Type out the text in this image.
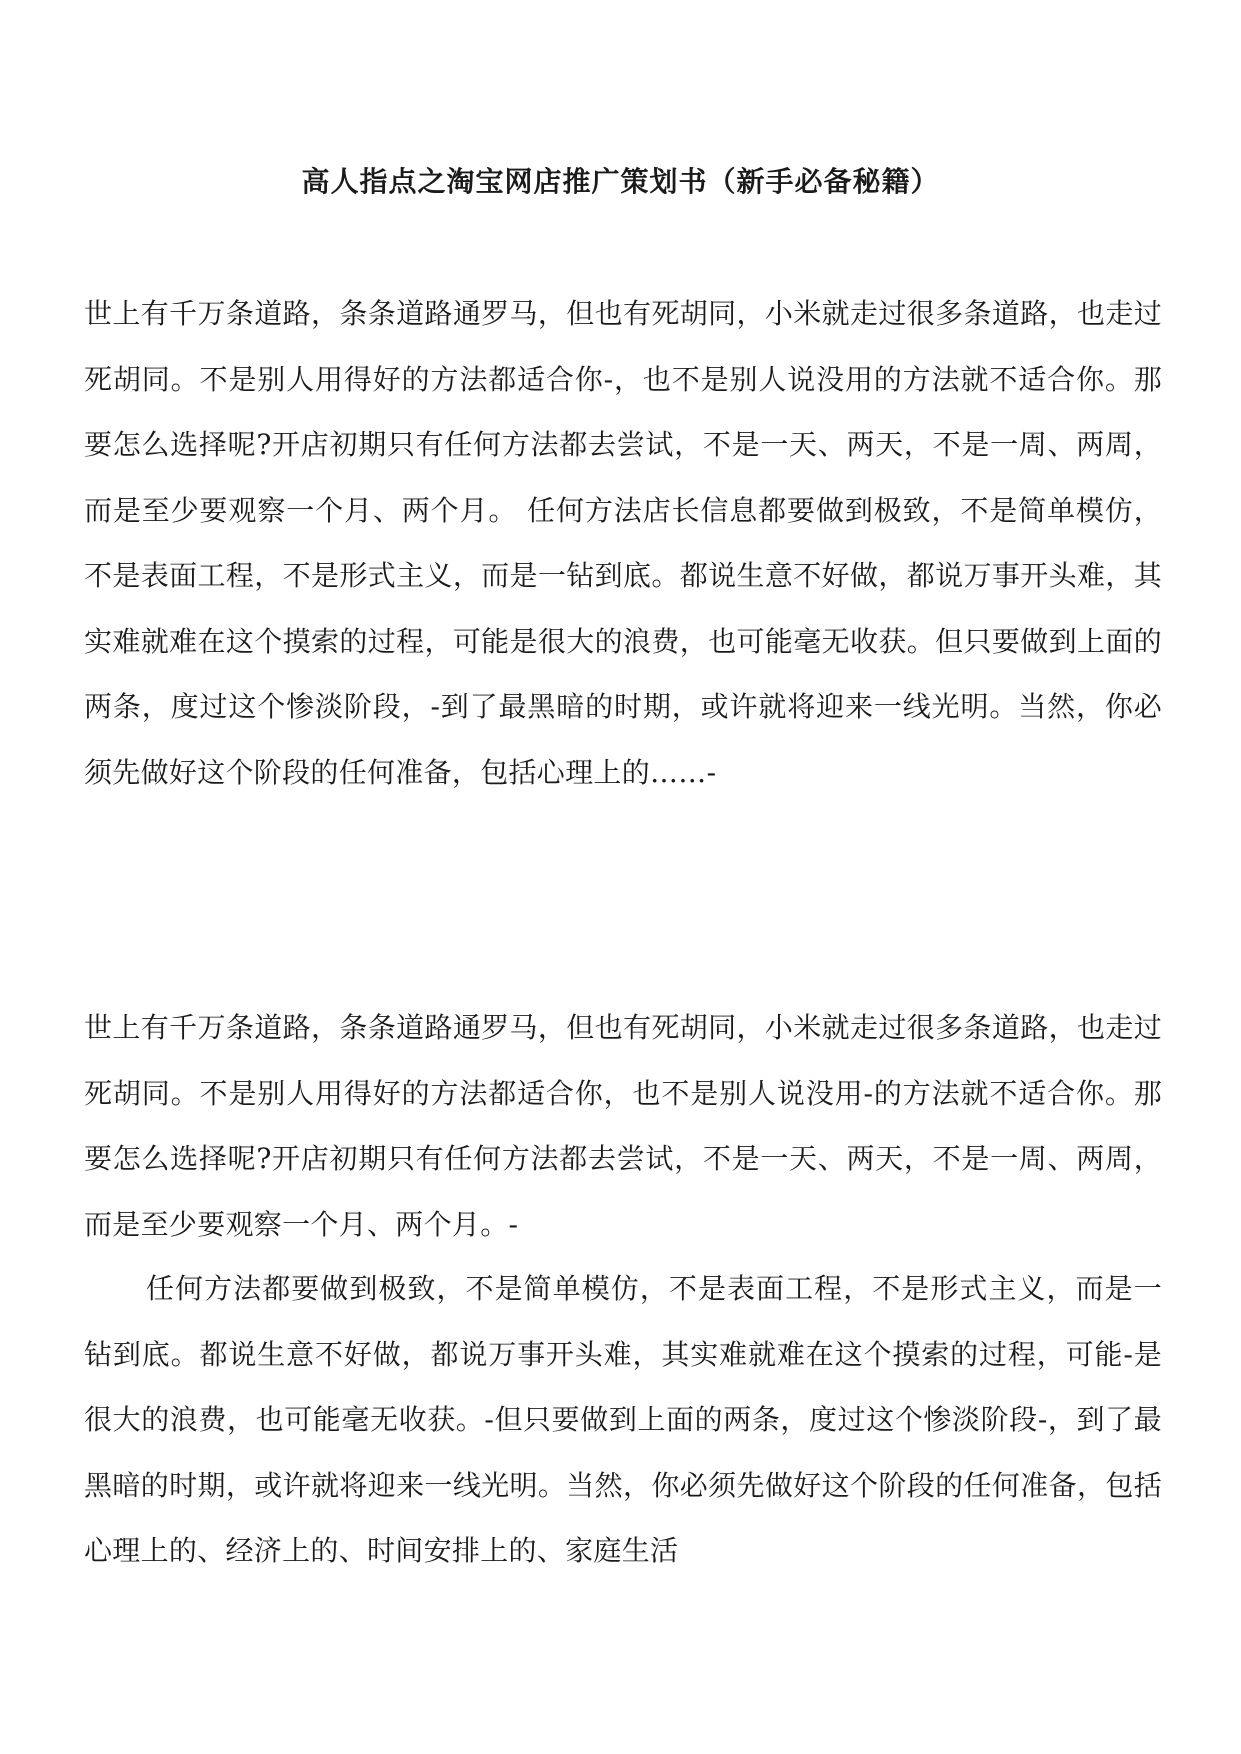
高人指点之淘宝网店推广策划书（新手必备秘籍）

世上有千万条道路，条条道路通罗马，但也有死胡同，小米就走过很多条道路，也走过死胡同。不是别人用得好的方法都适合你-，也不是别人说没用的方法就不适合你。那要怎么选择呢?开店初期只有任何方法都去尝试，不是一天、两天，不是一周、两周，而是至少要观察一个月、两个月。 任何方法店长信息都要做到极致，不是简单模仿，不是表面工程，不是形式主义，而是一钻到底。都说生意不好做，都说万事开头难，其实难就难在这个摸索的过程，可能是很大的浪费，也可能毫无收获。但只要做到上面的两条，度过这个惨淡阶段，-到了最黑暗的时期，或许就将迎来一线光明。当然，你必须先做好这个阶段的任何准备，包括心理上的……-

世上有千万条道路，条条道路通罗马，但也有死胡同，小米就走过很多条道路，也走过死胡同。不是别人用得好的方法都适合你，也不是别人说没用-的方法就不适合你。那要怎么选择呢?开店初期只有任何方法都去尝试，不是一天、两天，不是一周、两周，而是至少要观察一个月、两个月。-

任何方法都要做到极致，不是简单模仿，不是表面工程，不是形式主义，而是一钻到底。都说生意不好做，都说万事开头难，其实难就难在这个摸索的过程，可能-是很大的浪费，也可能毫无收获。-但只要做到上面的两条，度过这个惨淡阶段-，到了最黑暗的时期，或许就将迎来一线光明。当然，你必须先做好这个阶段的任何准备，包括心理上的、经济上的、时间安排上的、家庭生活
